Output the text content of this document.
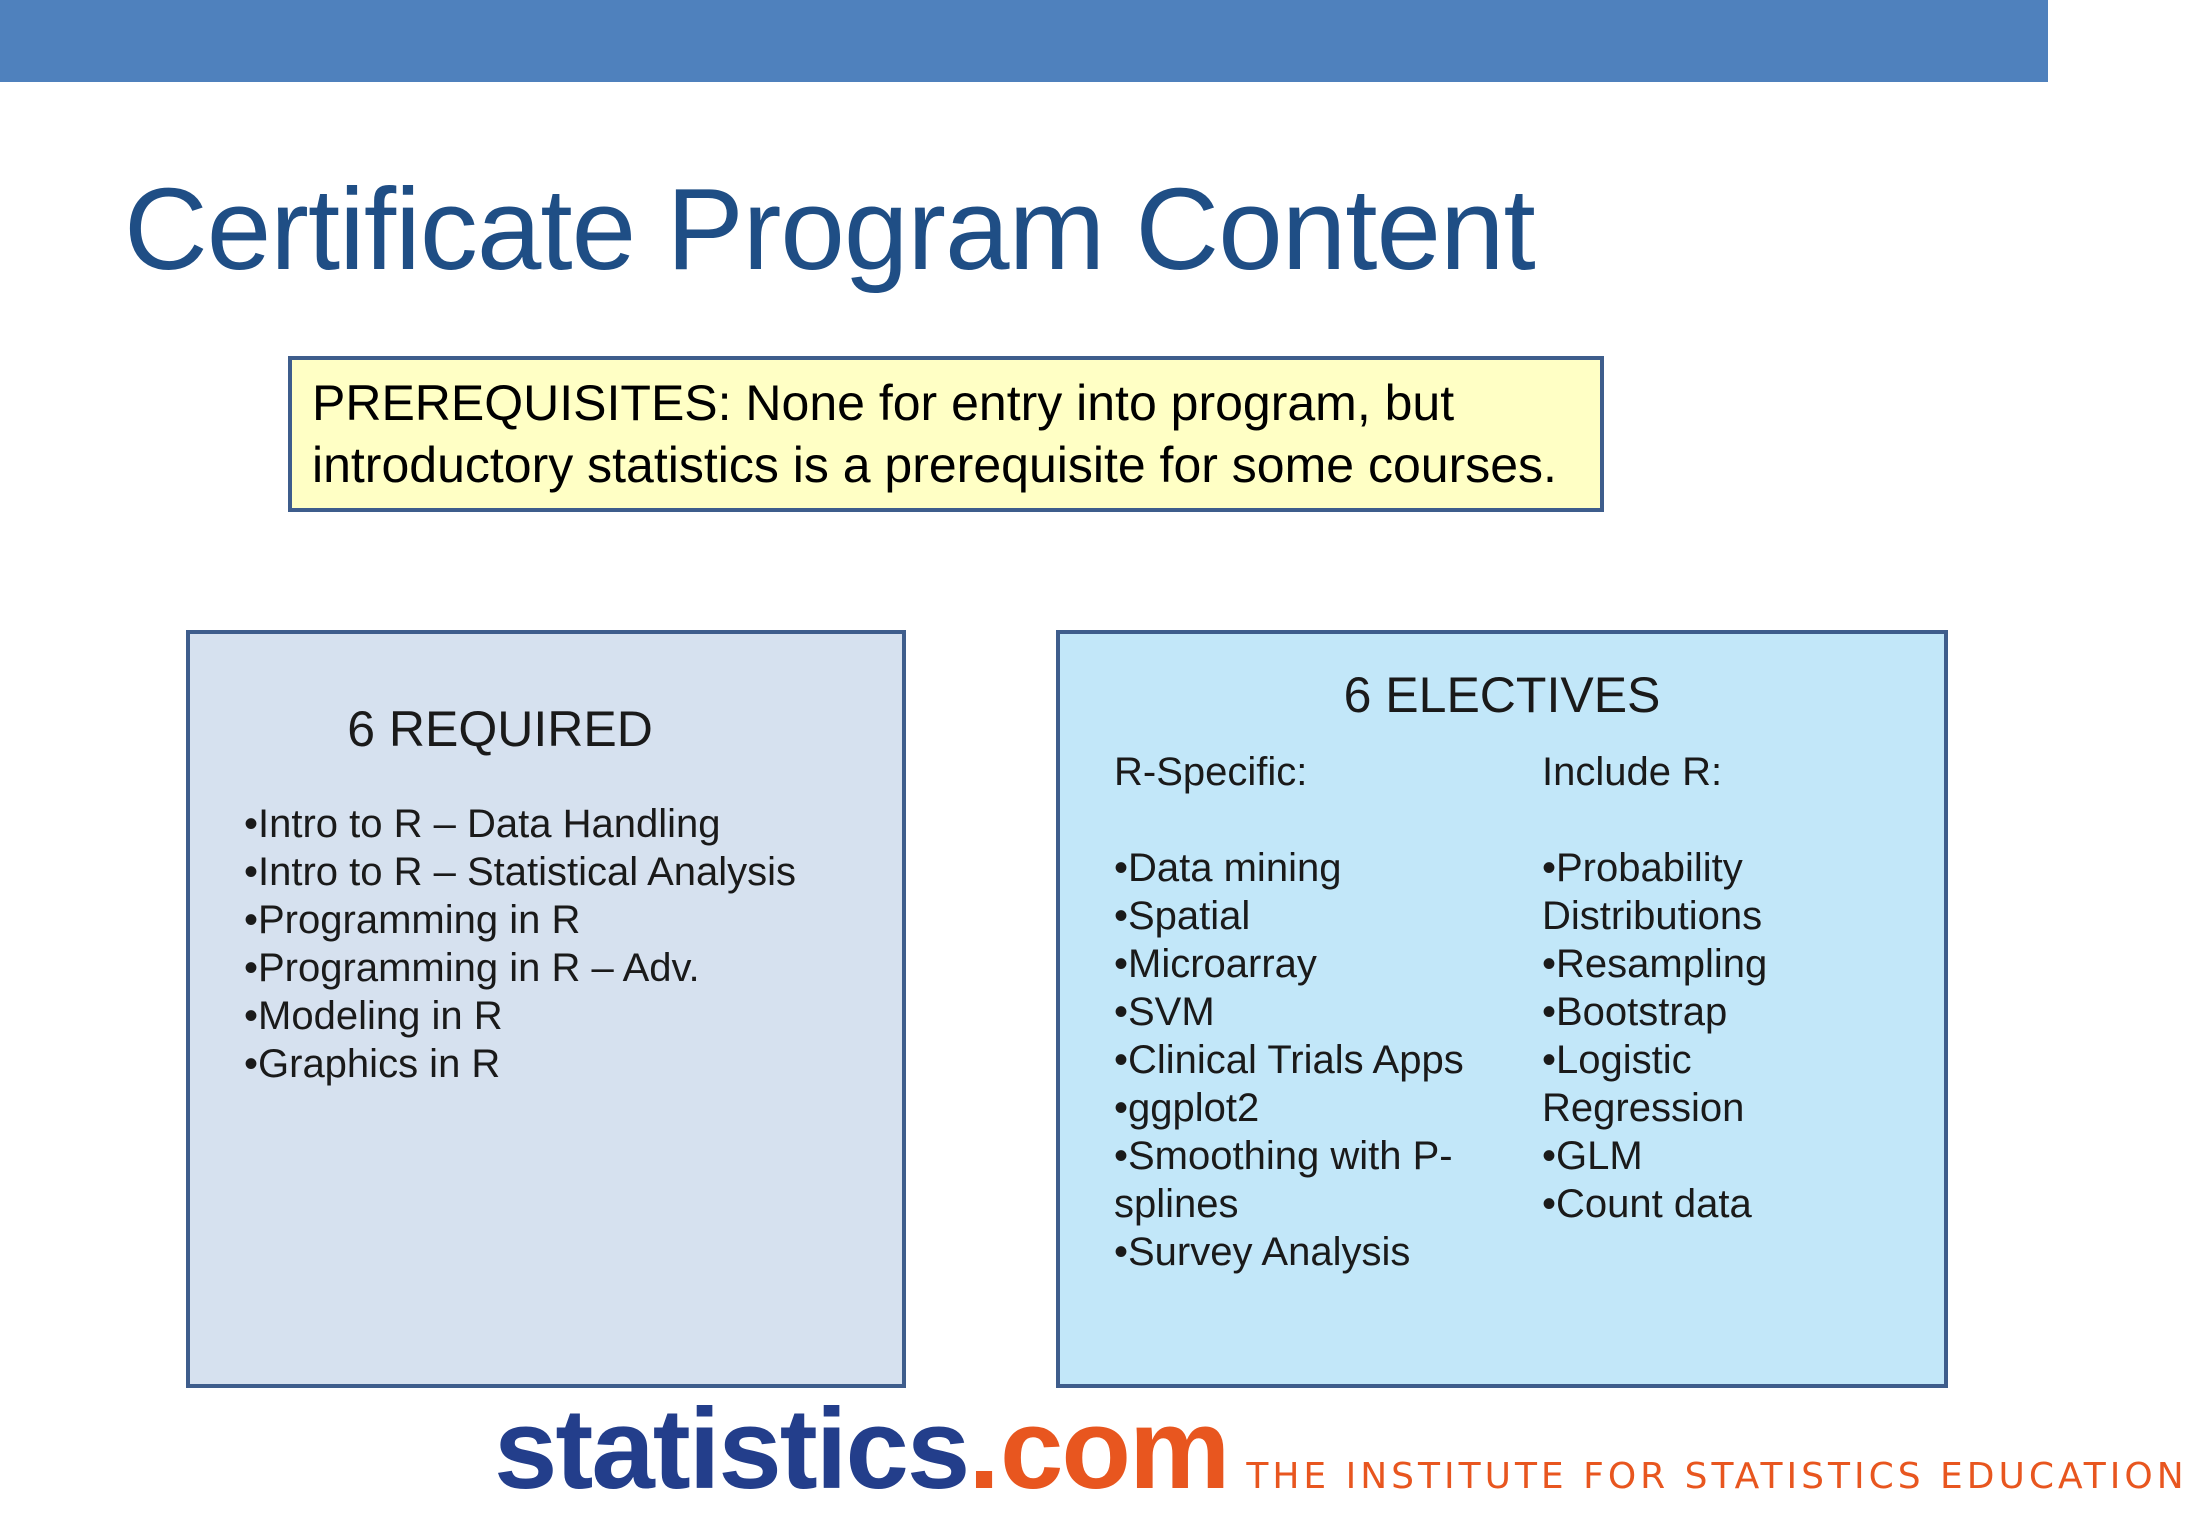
Certificate Program Content
PREREQUISITES: None for entry into program, but
introductory statistics is a prerequisite for some courses.
6 REQUIRED
•Intro to R – Data Handling
•Intro to R – Statistical Analysis
•Programming in R
•Programming in R – Adv.
•Modeling in R
•Graphics in R
6 ELECTIVES
R-Specific:
•Data mining
•Spatial
•Microarray
•SVM
•Clinical Trials Apps
•ggplot2
•Smoothing with P-splines
•Survey Analysis
Include R:
•Probability Distributions
•Resampling
•Bootstrap
•Logistic Regression
•GLM
•Count data
statistics . com THE INSTITUTE FOR STATISTICS EDUCATION
